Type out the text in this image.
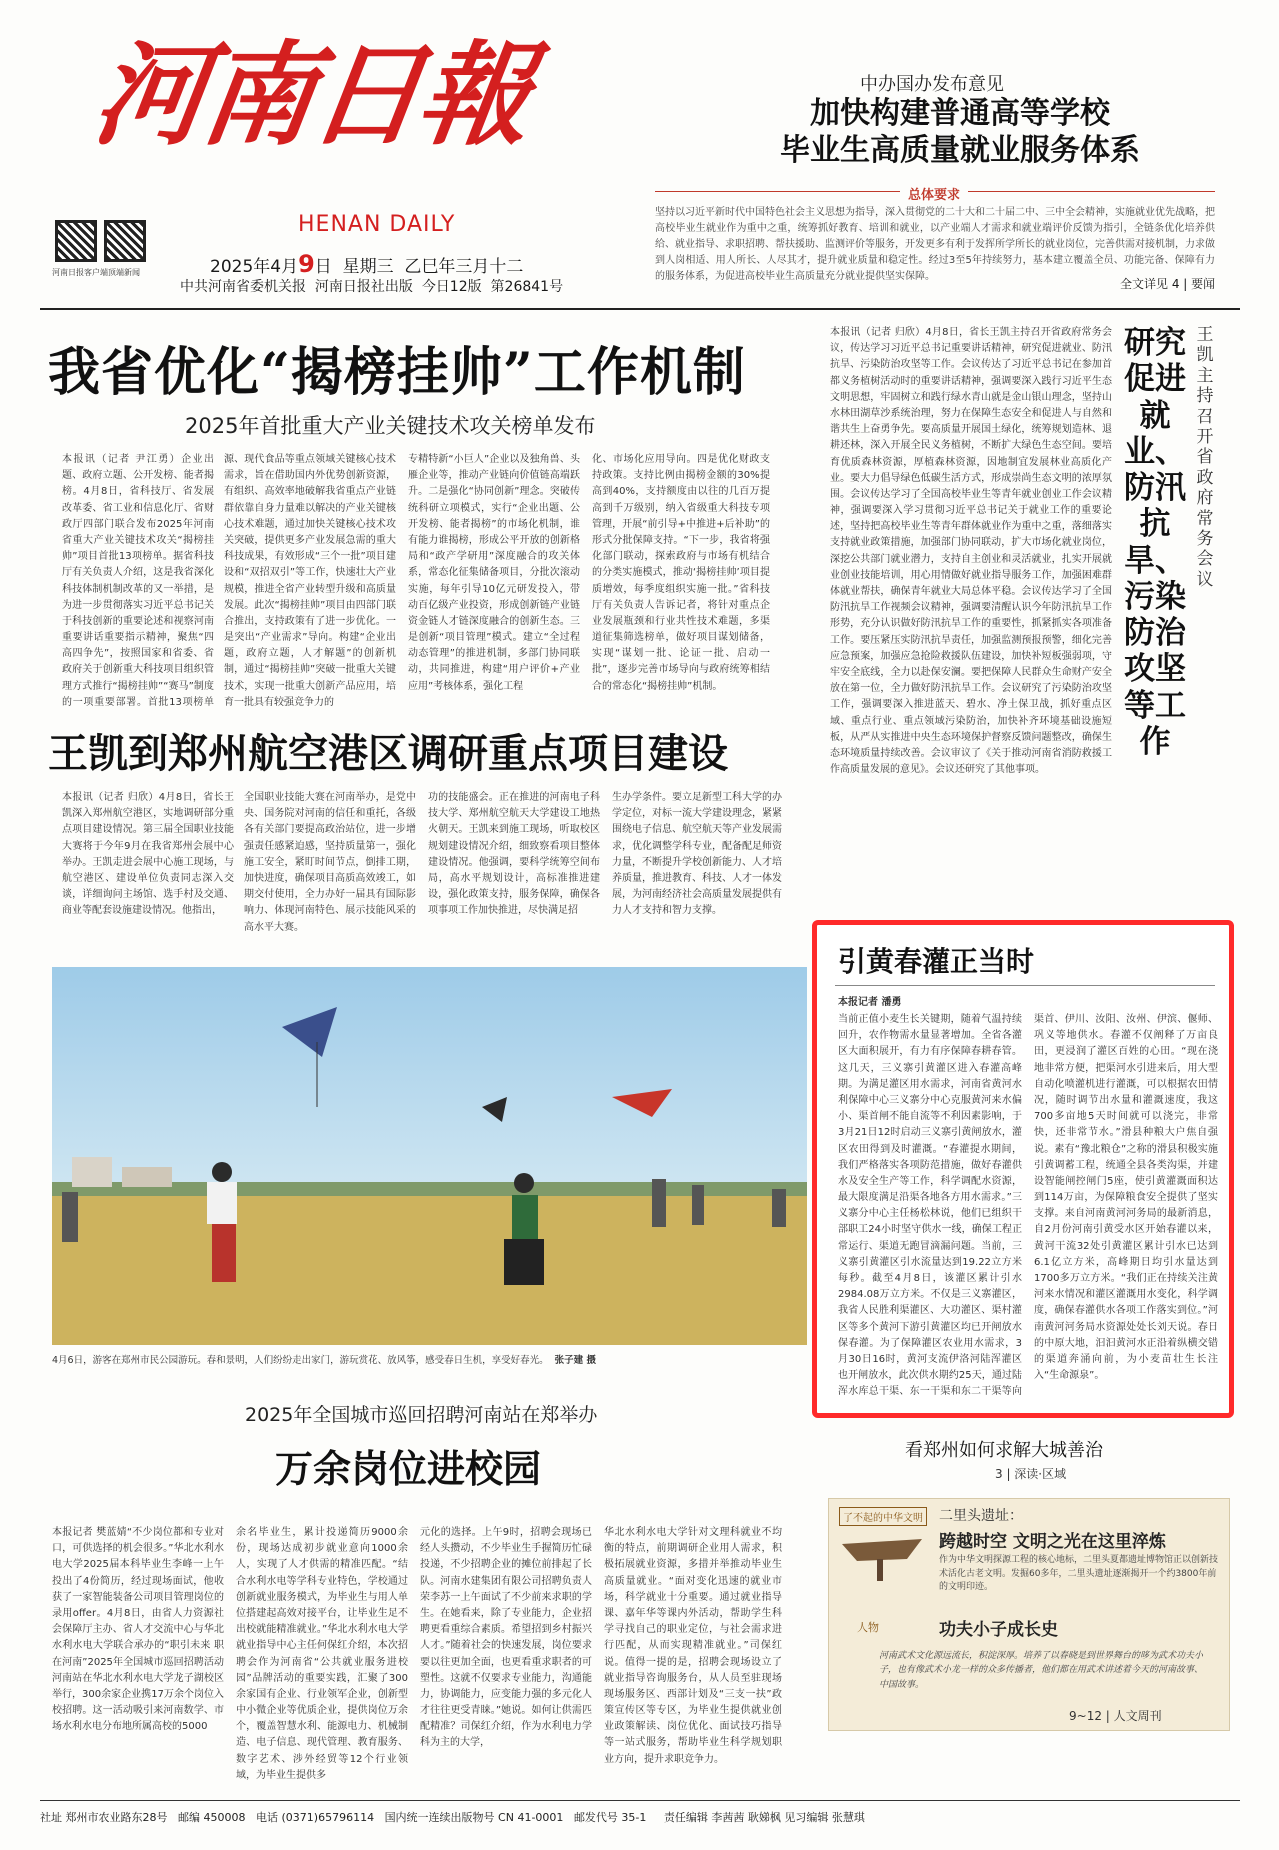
河南日報
HENAN DAILY
河南日报客户端 顶端新闻	2025年4月9日 星期三 乙巳年三月十二
中共河南省委机关报 河南日报社出版 今日12版 第26841号
中办国办发布意见
加快构建普通高等学校
毕业生高质量就业服务体系
总体要求
坚持以习近平新时代中国特色社会主义思想为指导，深入贯彻党的二十大和二十届二中、三中全会精神，实施就业优先战略，把高校毕业生就业作为重中之重，统筹抓好教育、培训和就业，以产业端人才需求和就业端评价反馈为指引，全链条优化培养供给、就业指导、求职招聘、帮扶援助、监测评价等服务，开发更多有利于发挥所学所长的就业岗位，完善供需对接机制，力求做到人岗相适、用人所长、人尽其才，提升就业质量和稳定性。经过3至5年持续努力，基本建立覆盖全员、功能完备、保障有力的服务体系，为促进高校毕业生高质量充分就业提供坚实保障。
全文详见 4 | 要闻
我省优化“揭榜挂帅”工作机制
2025年首批重大产业关键技术攻关榜单发布
本报讯（记者 尹江勇）企业出题、政府立题、公开发榜、能者揭榜。4月8日，省科技厅、省发展改革委、省工业和信息化厅、省财政厅四部门联合发布2025年河南省重大产业关键技术攻关“揭榜挂帅”项目首批13项榜单。据省科技厅有关负责人介绍，这是我省深化科技体制机制改革的又一举措，是为进一步贯彻落实习近平总书记关于科技创新的重要论述和视察河南重要讲话重要指示精神，聚焦“四高四争先”，按照国家和省委、省政府关于创新重大科技项目组织管理方式推行“揭榜挂帅”“赛马”制度的一项重要部署。首批13项榜单
源、现代食品等重点领域关键核心技术需求，旨在借助国内外优势创新资源，有组织、高效率地破解我省重点产业链群依靠自身力量难以解决的产业关键核心技术难题，通过加快关键核心技术攻关突破，提供更多产业发展急需的重大科技成果，有效形成“三个一批”项目建设和“双招双引”等工作，快速壮大产业规模，推进全省产业转型升级和高质量发展。此次“揭榜挂帅”项目由四部门联合推出，支持政策有了进一步优化。一是突出“产业需求”导向。构建“企业出题，政府立题，人才解题”的创新机制，通过“揭榜挂帅”突破一批重大关键技术，实现一批重大创新产品应用，培育一批具有较强竞争力的
专精特新“小巨人”企业以及独角兽、头雁企业等，推动产业链向价值链高端跃升。二是强化“协同创新”理念。突破传统科研立项模式，实行“企业出题、公开发榜、能者揭榜”的市场化机制，谁有能力谁揭榜，形成公平开放的创新格局和“政产学研用”深度融合的攻关体系，常态化征集储备项目，分批次滚动实施，每年引导10亿元研发投入，带动百亿级产业投资，形成创新链产业链资金链人才链深度融合的创新生态。三是创新“项目管理”模式。建立“全过程动态管理”的推进机制，多部门协同联动，共同推进，构建“用户评价+产业应用”考核体系，强化工程
化、市场化应用导向。四是优化财政支持政策。支持比例由揭榜金额的30%提高到40%，支持额度由以往的几百万提高到千万级别，纳入省级重大科技专项管理，开展“前引导+中推进+后补助”的形式分批保障支持。“下一步，我省将强化部门联动，探索政府与市场有机结合的分类实施模式，推动‘揭榜挂帅’项目提质增效，每季度组织实施一批。”省科技厅有关负责人告诉记者，将针对重点企业发展瓶颈和行业共性技术难题，多渠道征集筛选榜单，做好项目谋划储备，实现“谋划一批、论证一批、启动一批”，逐步完善市场导向与政府统筹相结合的常态化“揭榜挂帅”机制。
王凯到郑州航空港区调研重点项目建设
本报讯（记者 归欣）4月8日，省长王凯深入郑州航空港区，实地调研部分重点项目建设情况。第三届全国职业技能大赛将于今年9月在我省郑州会展中心举办。王凯走进会展中心施工现场，与航空港区、建设单位负责同志深入交谈，详细询问主场馆、选手村及交通、商业等配套设施建设情况。他指出，
全国职业技能大赛在河南举办，是党中央、国务院对河南的信任和重托，各级各有关部门要提高政治站位，进一步增强责任感紧迫感，坚持质量第一，强化施工安全，紧盯时间节点，倒排工期，加快进度，确保项目高质高效竣工，如期交付使用，全力办好一届具有国际影响力、体现河南特色、展示技能风采的高水平大赛。
功的技能盛会。正在推进的河南电子科技大学、郑州航空航天大学建设工地热火朝天。王凯来到施工现场，听取校区规划建设情况介绍，细致察看项目整体建设情况。他强调，要科学统筹空间布局，高水平规划设计，高标准推进建设，强化政策支持，服务保障，确保各项事项工作加快推进，尽快满足招
生办学条件。要立足新型工科大学的办学定位，对标一流大学建设理念，紧紧围绕电子信息、航空航天等产业发展需求，优化调整学科专业，配备配足师资力量，不断提升学校创新能力、人才培养质量，推进教育、科技、人才一体发展，为河南经济社会高质量发展提供有力人才支持和智力支撑。
4月6日，游客在郑州市民公园游玩。春和景明，人们纷纷走出家门，游玩赏花、放风筝，感受春日生机，享受好春光。 张子建 摄
2025年全国城市巡回招聘河南站在郑举办
万余岗位进校园
本报记者 樊蓝婧“不少岗位都和专业对口，可供选择的机会很多。”华北水利水电大学2025届本科毕业生李峰一上午投出了4份简历，经过现场面试，他收获了一家智能装备公司项目管理岗位的录用offer。4月8日，由省人力资源社会保障厅主办、省人才交流中心与华北水利水电大学联合承办的“职引未来 职在河南”2025年全国城市巡回招聘活动河南站在华北水利水电大学龙子湖校区举行，300余家企业携17万余个岗位入校招聘。这一活动吸引来河南数学、市场水利水电分布地所属高校的5000
余名毕业生，累计投递简历9000余份，现场达成初步就业意向1000余人，实现了人才供需的精准匹配。“结合水利水电等学科专业特色，学校通过创新就业服务模式，为毕业生与用人单位搭建起高效对接平台，让毕业生足不出校就能精准就业。”华北水利水电大学就业指导中心主任何保红介绍，本次招聘会作为河南省“公共就业服务进校园”品牌活动的重要实践，汇聚了300余家国有企业、行业领军企业，创新型中小微企业等优质企业，提供岗位万余个，覆盖智慧水利、能源电力、机械制造、电子信息、现代管理、教育服务、数字艺术、涉外经贸等12个行业领域，为毕业生提供多
元化的选择。上午9时，招聘会现场已经人头攒动，不少毕业生手握简历忙碌投递，不少招聘企业的摊位前排起了长队。河南水建集团有限公司招聘负责人荣李苏一上午面试了不少前来求职的学生。在她看来，除了专业能力，企业招聘更看重综合素质。希望招到乡村振兴人才。”随着社会的快速发展，岗位要求要以往更加全面，也更看重求职者的可塑性。这就不仅要求专业能力，沟通能力，协调能力，应变能力强的多元化人才往往更受青睐。”她说。如何让供需匹配精准？司保红介绍，作为水利电力学科为主的大学，
华北水利水电大学针对文理科就业不均衡的特点，前期调研企业用人需求，积极拓展就业资源，多措并举推动毕业生高质量就业。“面对变化迅速的就业市场，科学就业十分重要。通过就业指导课、嘉年华等课内外活动，帮助学生科学寻找自己的职业定位，与社会需求进行匹配，从而实现精准就业。”司保红说。值得一提的是，招聘会现场设立了就业指导咨询服务台，从人员至驻现场现场服务区、西部计划及“三支一扶”政策宣传区等专区，为毕业生提供就业创业政策解读、岗位优化、面试技巧指导等一站式服务，帮助毕业生科学规划职业方向，提升求职竞争力。
本报讯（记者 归欣）4月8日，省长王凯主持召开省政府常务会议，传达学习习近平总书记重要讲话精神，研究促进就业、防汛抗旱、污染防治攻坚等工作。会议传达了习近平总书记在参加首都义务植树活动时的重要讲话精神，强调要深入践行习近平生态文明思想，牢固树立和践行绿水青山就是金山银山理念，坚持山水林田湖草沙系统治理，努力在保障生态安全和促进人与自然和谐共生上奋勇争先。要高质量开展国土绿化，统筹规划造林、退耕还林，深入开展全民义务植树，不断扩大绿色生态空间。要培育优质森林资源，厚植森林资源，因地制宜发展林业高质化产业。要大力倡导绿色低碳生活方式，形成崇尚生态文明的浓厚氛围。会议传达学习了全国高校毕业生等青年就业创业工作会议精神，强调要深入学习贯彻习近平总书记关于就业工作的重要论述，坚持把高校毕业生等青年群体就业作为重中之重，落细落实支持就业政策措施，加强部门协同联动，扩大市场化就业岗位，深挖公共部门就业潜力，支持自主创业和灵活就业，扎实开展就业创业技能培训，用心用情做好就业指导服务工作，加强困难群体就业帮扶，确保青年就业大局总体平稳。会议传达学习了全国防汛抗旱工作视频会议精神，强调要清醒认识今年防汛抗旱工作形势，充分认识做好防汛抗旱工作的重要性，抓紧抓实各项准备工作。要压紧压实防汛抗旱责任，加强监测预报预警，细化完善应急预案，加强应急抢险救援队伍建设，加快补短板强弱项，守牢安全底线，全力以赴保安澜。要把保障人民群众生命财产安全放在第一位，全力做好防汛抗旱工作。会议研究了污染防治攻坚工作，强调要深入推进蓝天、碧水、净土保卫战，抓好重点区域、重点行业、重点领域污染防治，加快补齐环境基础设施短板，从严从实推进中央生态环境保护督察反馈问题整改，确保生态环境质量持续改善。会议审议了《关于推动河南省消防救援工作高质量发展的意见》。会议还研究了其他事项。
研究促进就业、防汛抗旱、污染防治攻坚等工作
王凯主持召开省政府常务会议
引黄春灌正当时
本报记者 潘勇
当前正值小麦生长关键期，随着气温持续回升，农作物需水量显著增加。全省各灌区大面积展开，有力有序保障春耕春管。这几天，三义寨引黄灌区进入春灌高峰期。为满足灌区用水需求，河南省黄河水利保障中心三义寨分中心克服黄河来水偏小、渠首闸不能自流等不利因素影响，于3月21日12时启动三义寨引黄闸放水，灌区农田得到及时灌溉。“春灌提水期间，我们严格落实各项防范措施，做好春灌供水及安全生产等工作，科学调配水资源，最大限度满足沿渠各地各方用水需求。”三义寨分中心主任杨松林说，他们已组织干部职工24小时坚守供水一线，确保工程正常运行、渠道无跑冒滴漏问题。当前，三义寨引黄灌区引水流量达到19.22立方米每秒。截至4月8日，该灌区累计引水2984.08万立方米。不仅是三义寨灌区，我省人民胜利渠灌区、大功灌区、渠村灌区等多个黄河下游引黄灌区均已开闸放水保春灌。为了保障灌区农业用水需求，3月30日16时，黄河支流伊洛河陆浑灌区也开闸放水，此次供水期约25天，通过陆浑水库总干渠、东一干渠和东二干渠等向渠首、伊川、汝阳、汝州、伊滨、偃师、巩义等地供水。春灌不仅阐释了万亩良田，更浸润了灌区百姓的心田。“现在浇地非常方便，把渠河水引进来后，用大型自动化喷灌机进行灌溉，可以根据农田情况，随时调节出水量和灌溉速度，我这700多亩地5天时间就可以浇完，非常快，还非常节水。”滑县种粮大户焦自强说。素有“豫北粮仓”之称的滑县积极实施引黄调蓄工程，统通全县各类沟渠，并建设智能闸控闸门5座，使引黄灌溉面积达到114万亩，为保障粮食安全提供了坚实支撑。来自河南黄河河务局的最新消息，自2月份河南引黄受水区开始春灌以来，黄河干流32处引黄灌区累计引水已达到6.1亿立方米，高峰期日均引水量达到1700多万立方米。“我们正在持续关注黄河来水情况和灌区灌溉用水变化，科学调度，确保春灌供水各项工作落实到位。”河南黄河河务局水资源处处长刘天说。春日的中原大地，汩汩黄河水正沿着纵横交错的渠道奔涌向前，为小麦苗壮生长注入“生命源泉”。
看郑州如何求解大城善治
3 | 深读·区域
了不起的中华文明 二里头遗址：
跨越时空 文明之光在这里淬炼
作为中华文明探源工程的核心地标，二里头夏都遗址博物馆正以创新技术活化古老文明。发掘60多年，二里头遗址逐渐揭开一个约3800年前的文明印迹。
人物	功夫小子成长史
河南武术文化源远流长，积淀深厚。培养了以春晓是到世界舞台的哆为武术功夫小子，也有像武术小龙一样的众多传播者，他们都在用武术讲述着今天的河南故事、中国故事。
9~12 | 人文周刊
社址 郑州市农业路东28号 邮编 450008 电话 (0371)65796114 国内统一连续出版物号 CN 41-0001 邮发代号 35-1 责任编辑 李茜茜 耿娣枫 见习编辑 张慧琪
